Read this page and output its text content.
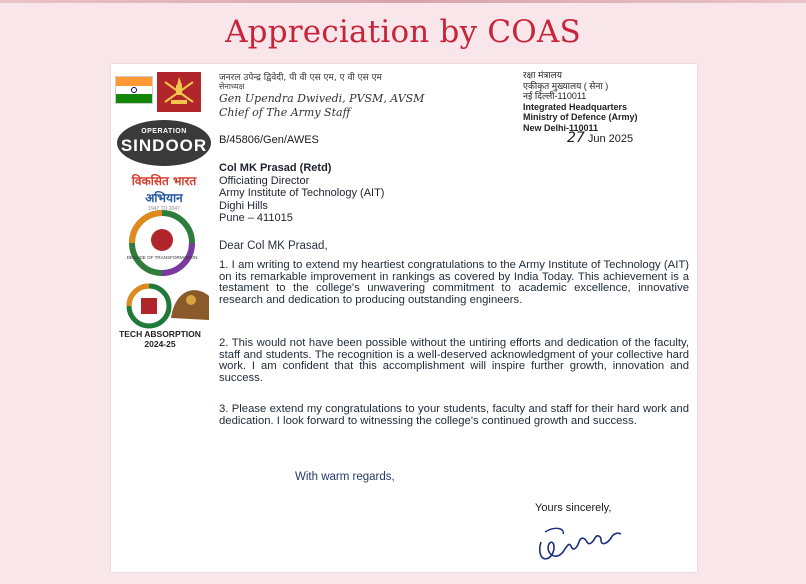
Appreciation by COAS
OPERATION
SINDOOR
विकसित भारत
अभियान
1947 TO 2047
DECADE OF TRANSFORMATION
TECH ABSORPTION
2024-25
जनरल उपेन्द्र द्विवेदी, पी वी एस एम, ए वी एस एम
सेनाध्यक्ष
Gen Upendra Dwivedi, PVSM, AVSM
Chief of The Army Staff
रक्षा मंत्रालय
एकीकृत मुख्यालय ( सेना )
नई दिल्ली-110011
Integrated Headquarters
Ministry of Defence (Army)
New Delhi-110011
B/45806/Gen/AWES	27 Jun 2025
Col MK Prasad (Retd)
Officiating Director
Army Institute of Technology (AIT)
Dighi Hills
Pune – 411015
Dear Col MK Prasad,
1. I am writing to extend my heartiest congratulations to the Army Institute of Technology (AIT) on its remarkable improvement in rankings as covered by India Today. This achievement is a testament to the college's unwavering commitment to academic excellence, innovative research and dedication to producing outstanding engineers.
2. This would not have been possible without the untiring efforts and dedication of the faculty, staff and students. The recognition is a well-deserved acknowledgment of your collective hard work. I am confident that this accomplishment will inspire further growth, innovation and success.
3. Please extend my congratulations to your students, faculty and staff for their hard work and dedication. I look forward to witnessing the college's continued growth and success.
With warm regards,
Yours sincerely,
